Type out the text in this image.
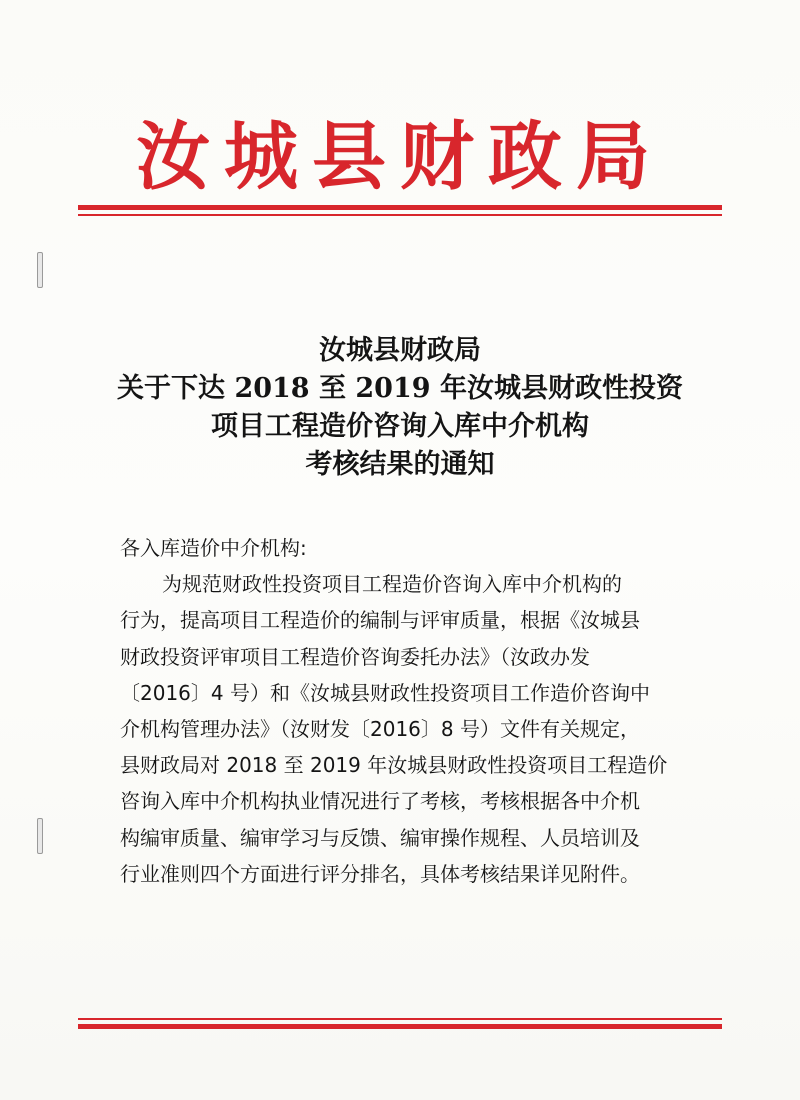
汝城县财政局
汝城县财政局
关于下达 2018 至 2019 年汝城县财政性投资
项目工程造价咨询入库中介机构
考核结果的通知
各入库造价中介机构:
为规范财政性投资项目工程造价咨询入库中介机构的
行为，提高项目工程造价的编制与评审质量，根据《汝城县
财政投资评审项目工程造价咨询委托办法》（汝政办发
〔2016〕4 号）和《汝城县财政性投资项目工作造价咨询中
介机构管理办法》（汝财发〔2016〕8 号）文件有关规定，
县财政局对 2018 至 2019 年汝城县财政性投资项目工程造价
咨询入库中介机构执业情况进行了考核，考核根据各中介机
构编审质量、编审学习与反馈、编审操作规程、人员培训及
行业准则四个方面进行评分排名，具体考核结果详见附件。
